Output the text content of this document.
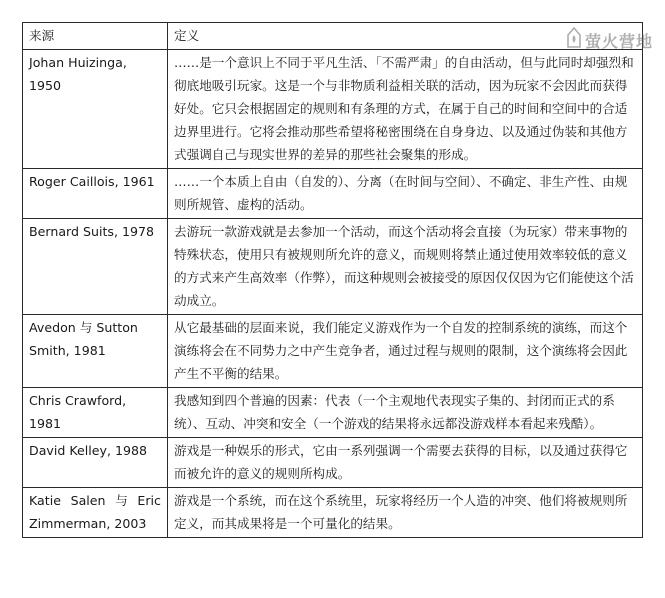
来源	定义
Johan Huizinga, 1950	……是一个意识上不同于平凡生活、「不需严肃」的自由活动，但与此同时却强烈和彻底地吸引玩家。这是一个与非物质利益相关联的活动，因为玩家不会因此而获得好处。它只会根据固定的规则和有条理的方式，在属于自己的时间和空间中的合适边界里进行。它将会推动那些希望将秘密围绕在自身身边、以及通过伪装和其他方式强调自己与现实世界的差异的那些社会聚集的形成。
Roger Caillois, 1961	……一个本质上自由（自发的）、分离（在时间与空间）、不确定、非生产性、由规则所规管、虚构的活动。
Bernard Suits, 1978	去游玩一款游戏就是去参加一个活动，而这个活动将会直接（为玩家）带来事物的特殊状态，使用只有被规则所允许的意义，而规则将禁止通过使用效率较低的意义的方式来产生高效率（作弊），而这种规则会被接受的原因仅仅因为它们能使这个活动成立。
Avedon 与 Sutton Smith, 1981	从它最基础的层面来说，我们能定义游戏作为一个自发的控制系统的演练，而这个演练将会在不同势力之中产生竞争者，通过过程与规则的限制，这个演练将会因此产生不平衡的结果。
Chris Crawford, 1981	我感知到四个普遍的因素：代表（一个主观地代表现实子集的、封闭而正式的系统）、互动、冲突和安全（一个游戏的结果将永远都没游戏样本看起来残酷）。
David Kelley, 1988	游戏是一种娱乐的形式，它由一系列强调一个需要去获得的目标，以及通过获得它而被允许的意义的规则所构成。

Katie Salen 与 Eric
Zimmerman, 2003	游戏是一个系统，而在这个系统里，玩家将经历一个人造的冲突、他们将被规则所定义，而其成果将是一个可量化的结果。
萤火营地
